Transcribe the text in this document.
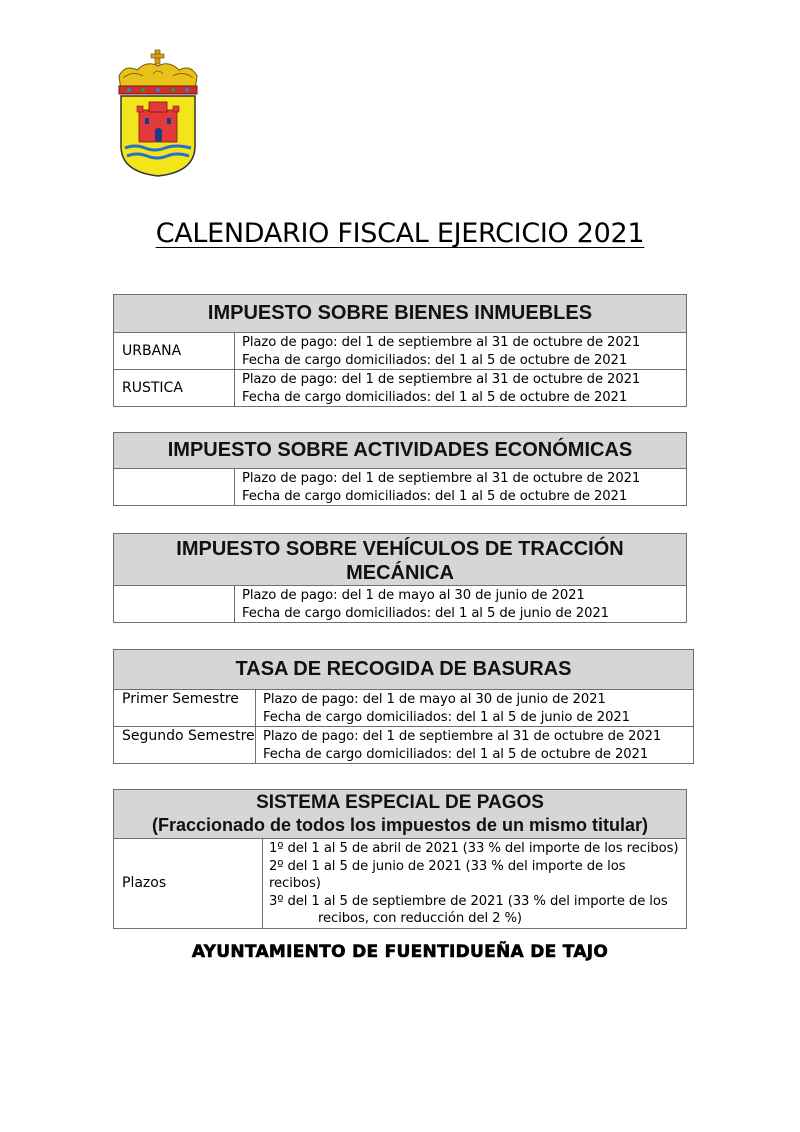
CALENDARIO FISCAL EJERCICIO 2021
IMPUESTO SOBRE BIENES INMUEBLES	
URBANA	Plazo de pago: del 1 de septiembre al 31 de octubre de 2021
Fecha de cargo domiciliados: del 1 al 5 de octubre de 2021

RUSTICA	Plazo de pago: del 1 de septiembre al 31 de octubre de 2021
Fecha de cargo domiciliados: del 1 al 5 de octubre de 2021
IMPUESTO SOBRE ACTIVIDADES ECONÓMICAS

Plazo de pago: del 1 de septiembre al 31 de octubre de 2021
Fecha de cargo domiciliados: del 1 al 5 de octubre de 2021
IMPUESTO SOBRE VEHÍCULOS DE TRACCIÓN
MECÁNICA

Plazo de pago: del 1 de mayo al 30 de junio de 2021
Fecha de cargo domiciliados: del 1 al 5 de junio de 2021
TASA DE RECOGIDA DE BASURAS	
Primer Semestre	Plazo de pago: del 1 de mayo al 30 de junio de 2021
Fecha de cargo domiciliados: del 1 al 5 de junio de 2021

Segundo Semestre	Plazo de pago: del 1 de septiembre al 31 de octubre de 2021
Fecha de cargo domiciliados: del 1 al 5 de octubre de 2021
SISTEMA ESPECIAL DE PAGOS
(Fraccionado de todos los impuestos de un mismo titular)

Plazos	
1º del 1 al 5 de abril de 2021 (33 % del importe de los recibos)
2º del 1 al 5 de junio de 2021 (33 % del importe de los recibos)
3º del 1 al 5 de septiembre de 2021 (33 % del importe de los
recibos, con reducción del 2 %)
AYUNTAMIENTO DE FUENTIDUEÑA DE TAJO
